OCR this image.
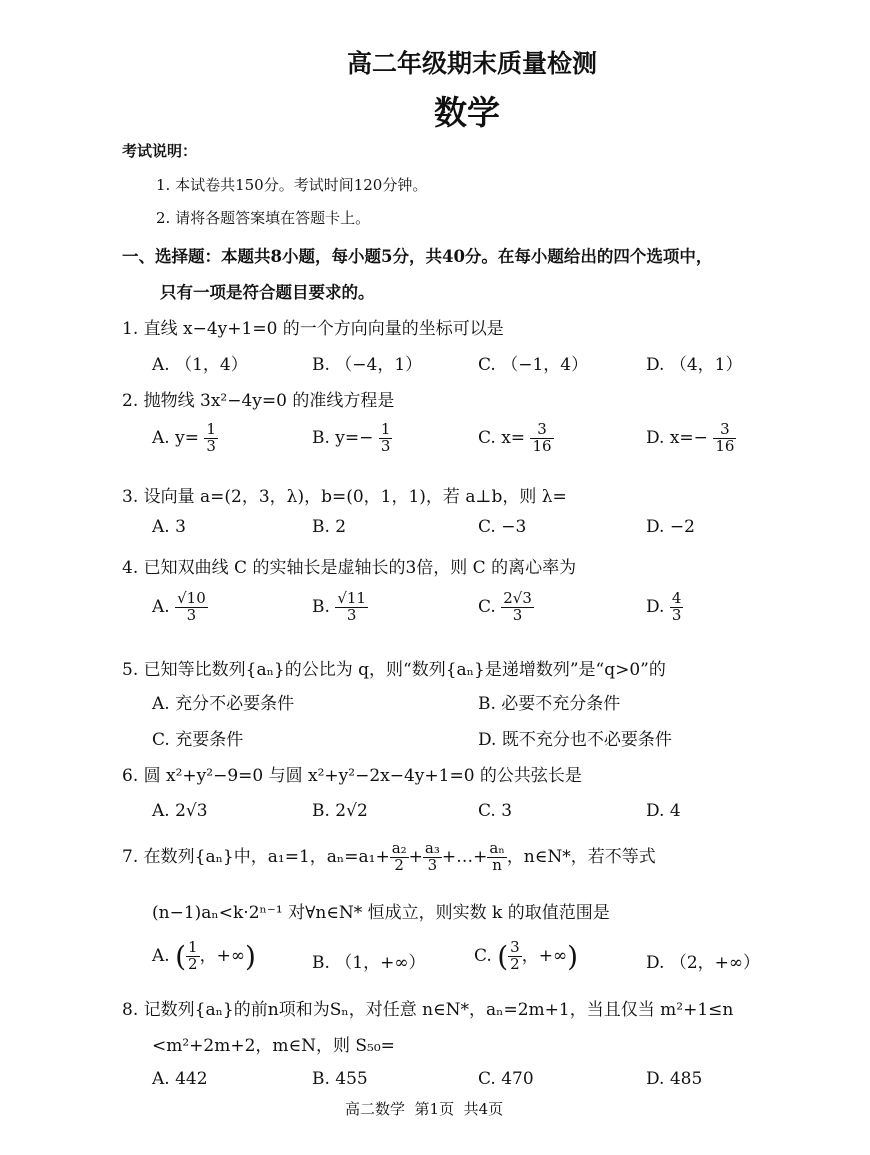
高二年级期末质量检测
数学
考试说明：
1. 本试卷共150分。考试时间120分钟。
2. 请将各题答案填在答题卡上。
一、选择题：本题共8小题，每小题5分，共40分。在每小题给出的四个选项中，
只有一项是符合题目要求的。
1. 直线 x−4y+1=0 的一个方向向量的坐标可以是
A. （1，4）	B. （−4，1）	C. （−1，4）	D. （4，1）
2. 抛物线 3x²−4y=0 的准线方程是
A. $y= \frac{1}{3}$	B. $y=- \frac{1}{3}$	C. $x= \frac{3}{16}$	D. $x=- \frac{3}{16}$
3. 设向量 a=(2，3，λ)，b=(0，1，1)，若 a⊥b，则 λ=
A. 3	B. 2	C. −3	D. −2
4. 已知双曲线 C 的实轴长是虚轴长的3倍，则 C 的离心率为
A. $\frac{√10}{3}$	B. $\frac{√11}{3}$	C. $\frac{2√3}{3}$	D. $\frac{4}{3}$
5. 已知等比数列{aₙ}的公比为 q，则“数列{aₙ}是递增数列”是“q>0”的
A. 充分不必要条件	B. 必要不充分条件
C. 充要条件	D. 既不充分也不必要条件
6. 圆 x²+y²−9=0 与圆 x²+y²−2x−4y+1=0 的公共弦长是
A. 2√3	B. 2√2	C. 3	D. 4
7. 在数列{aₙ}中，a₁=1，$a_n=a_1+ \frac{\text{a₂}}{2} + \frac{\text{a₃}}{3}$ +…+ $\frac{\text{aₙ}}{n}$ ，n∈N*，若不等式
(n−1)aₙ<k·2ⁿ⁻¹ 对∀n∈N* 恒成立，则实数 k 的取值范围是
A. ( $\frac{1}{2}$ ，+∞)	B. （1，+∞）	C. ( $\frac{3}{2}$ ，+∞)	D. （2，+∞）
8. 记数列{aₙ}的前n项和为Sₙ，对任意 n∈N*，aₙ=2m+1，当且仅当 m²+1≤n
<m²+2m+2，m∈N，则 S₅₀=
A. 442	B. 455	C. 470	D. 485
高二数学  第1页  共4页
